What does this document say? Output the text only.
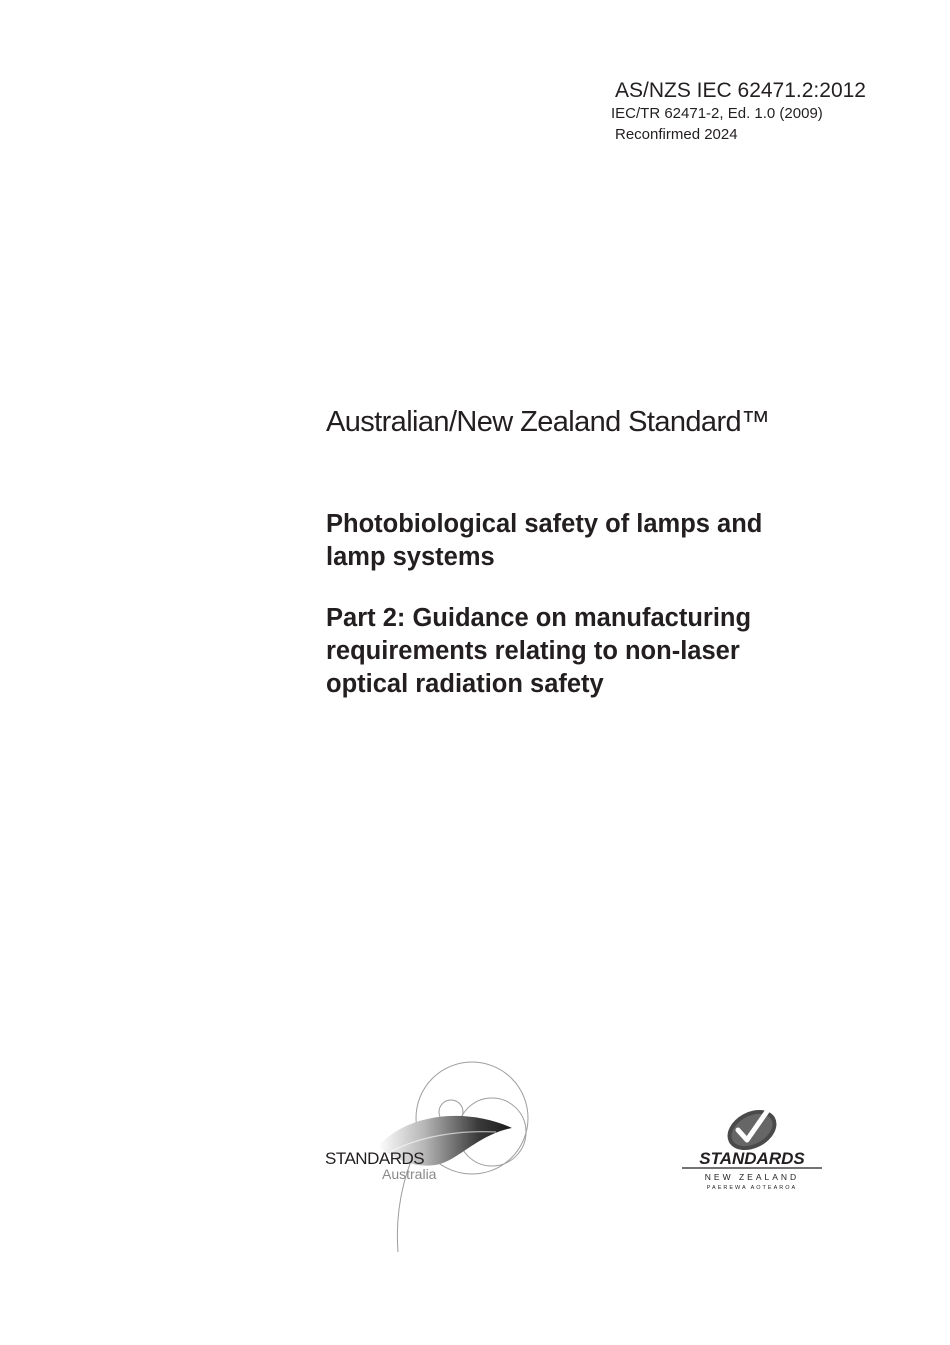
AS/NZS IEC 62471.2:2012
IEC/TR 62471-2, Ed. 1.0 (2009)
Reconfirmed 2024
Australian/New Zealand Standard™
Photobiological safety of lamps and
lamp systems
Part 2: Guidance on manufacturing
requirements relating to non-laser
optical radiation safety
STANDARDS
Australia
STANDARDS
NEW ZEALAND
PAEREWA AOTEAROA
